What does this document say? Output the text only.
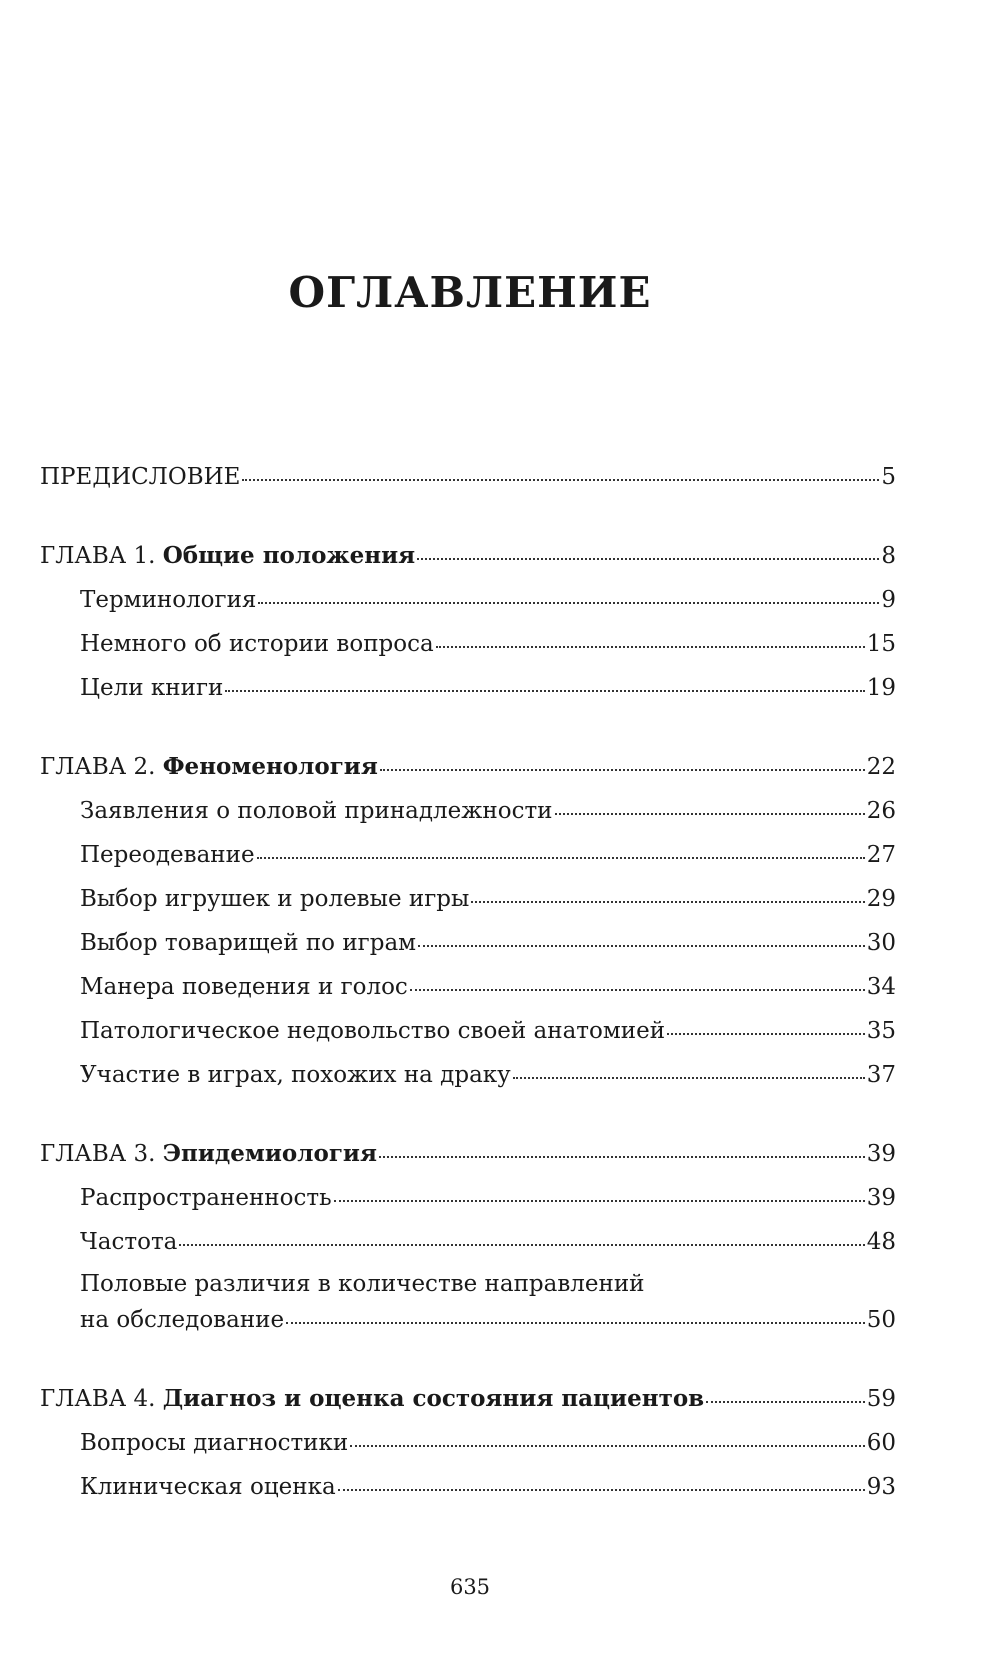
ОГЛАВЛЕНИЕ
ПРЕДИСЛОВИЕ	5
ГЛАВА 1. Общие положения	8
Терминология	9
Немного об истории вопроса	15
Цели книги	19
ГЛАВА 2. Феноменология	22
Заявления о половой принадлежности	26
Переодевание	27
Выбор игрушек и ролевые игры	29
Выбор товарищей по играм	30
Манера поведения и голос	34
Патологическое недовольство своей анатомией	35
Участие в играх, похожих на драку	37
ГЛАВА 3. Эпидемиология	39
Распространенность	39
Частота	48
Половые различия в количестве направлений
на обследование	50
ГЛАВА 4. Диагноз и оценка состояния пациентов	59
Вопросы диагностики	60
Клиническая оценка	93
635
